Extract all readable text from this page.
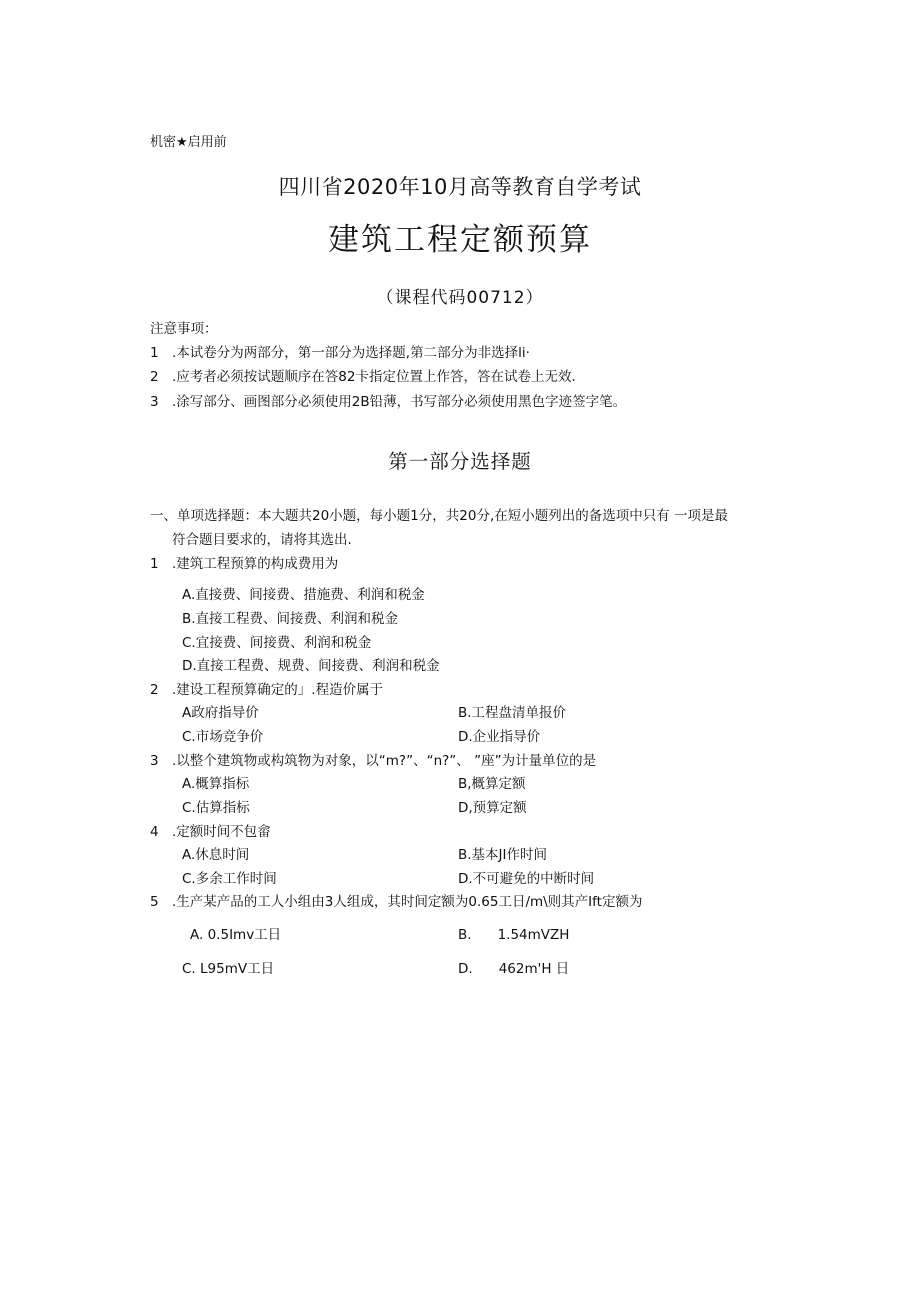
机密★启用前
四川省2020年10月高等教育自学考试
建筑工程定额预算
（课程代码00712）
注意事项：
1 .本试卷分为两部分，第一部分为选择题,第二部分为非选择li·
2 .应考者必须按试题顺序在答82卡指定位置上作答，答在试卷上无效.
3 .涂写部分、画图部分必须使用2B铅薄，书写部分必须使用黑色字迹签字笔。
第一部分选择题
一、单项选择题：本大题共20小题，每小题1分，共20分,在短小题列出的备选项中只有 一项是最
符合题目要求的，请将其选出.
1 .建筑工程预算的构成费用为
A.直接费、间接费、措施费、利润和税金
B.直接工程费、间接费、利润和税金
C.宜接费、间接费、利润和税金
D.直接工程费、规费、间接费、利润和税金
2 .建设工程预算确定的」.程造价属于
A政府指导价	B.工程盘清单报价
C.市场竞争价	D.企业指导价
3 .以整个建筑物或构筑物为对象，以“m?”、“n?”、 ”座”为计量单位的是
A.概算指标	B,概算定额
C.估算指标	D,预算定额
4 .定额时间不包畲
A.休息时间	B.基本JI作时间
C.多余工作时间	D.不可避免的中断时间
5 .生产某产品的工人小组由3人组成，其时间定额为0.65工日/m\则其产Ift定额为
A. 0.5Imv工日	B. 1.54mVZH
C. L95mV工日	D. 462m'H 日
